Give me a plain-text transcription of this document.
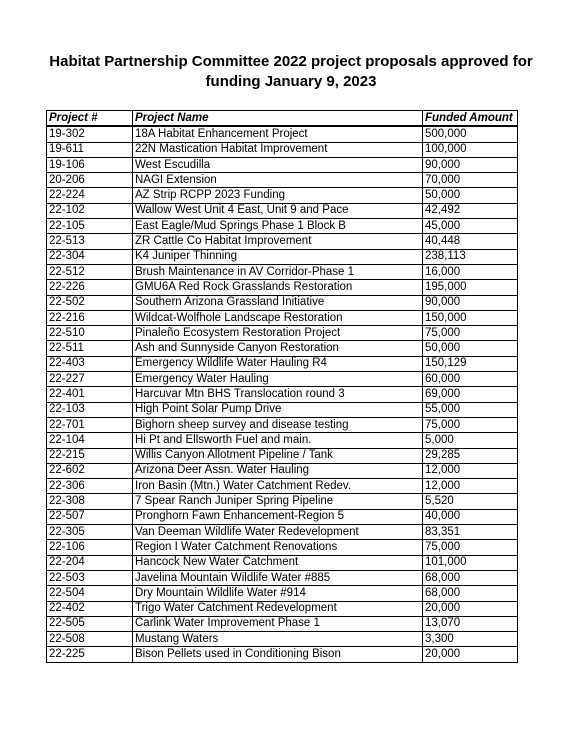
Habitat Partnership Committee 2022 project proposals approved for
funding January 9, 2023
Project #	Project Name	Funded Amount
19-302	18A Habitat Enhancement Project	500,000
19-611	22N Mastication Habitat Improvement	100,000
19-106	West Escudilla	90,000
20-206	NAGI Extension	70,000
22-224	AZ Strip RCPP 2023 Funding	50,000
22-102	Wallow West Unit 4 East, Unit 9 and Pace	42,492
22-105	East Eagle/Mud Springs Phase 1 Block B	45,000
22-513	ZR Cattle Co Habitat Improvement	40,448
22-304	K4 Juniper Thinning	238,113
22-512	Brush Maintenance in AV Corridor-Phase 1	16,000
22-226	GMU6A Red Rock Grasslands Restoration	195,000
22-502	Southern Arizona Grassland Initiative	90,000
22-216	Wildcat-Wolfhole Landscape Restoration	150,000
22-510	Pinaleño Ecosystem Restoration Project	75,000
22-511	Ash and Sunnyside Canyon Restoration	50,000
22-403	Emergency Wildlife Water Hauling R4	150,129
22-227	Emergency Water Hauling	60,000
22-401	Harcuvar Mtn BHS Translocation round 3	69,000
22-103	High Point Solar Pump Drive	55,000
22-701	Bighorn sheep survey and disease testing	75,000
22-104	Hi Pt and Ellsworth Fuel and main.	5,000
22-215	Willis Canyon Allotment Pipeline / Tank	29,285
22-602	Arizona Deer Assn. Water Hauling	12,000
22-306	Iron Basin (Mtn.) Water Catchment Redev.	12,000
22-308	7 Spear Ranch Juniper Spring Pipeline	5,520
22-507	Pronghorn Fawn Enhancement-Region 5	40,000
22-305	Van Deeman Wildlife Water Redevelopment	83,351
22-106	Region I Water Catchment Renovations	75,000
22-204	Hancock New Water Catchment	101,000
22-503	Javelina Mountain Wildlife Water #885	68,000
22-504	Dry Mountain Wildlife Water #914	68,000
22-402	Trigo Water Catchment Redevelopment	20,000
22-505	Carlink Water Improvement Phase 1	13,070
22-508	Mustang Waters	3,300
22-225	Bison Pellets used in Conditioning Bison	20,000
